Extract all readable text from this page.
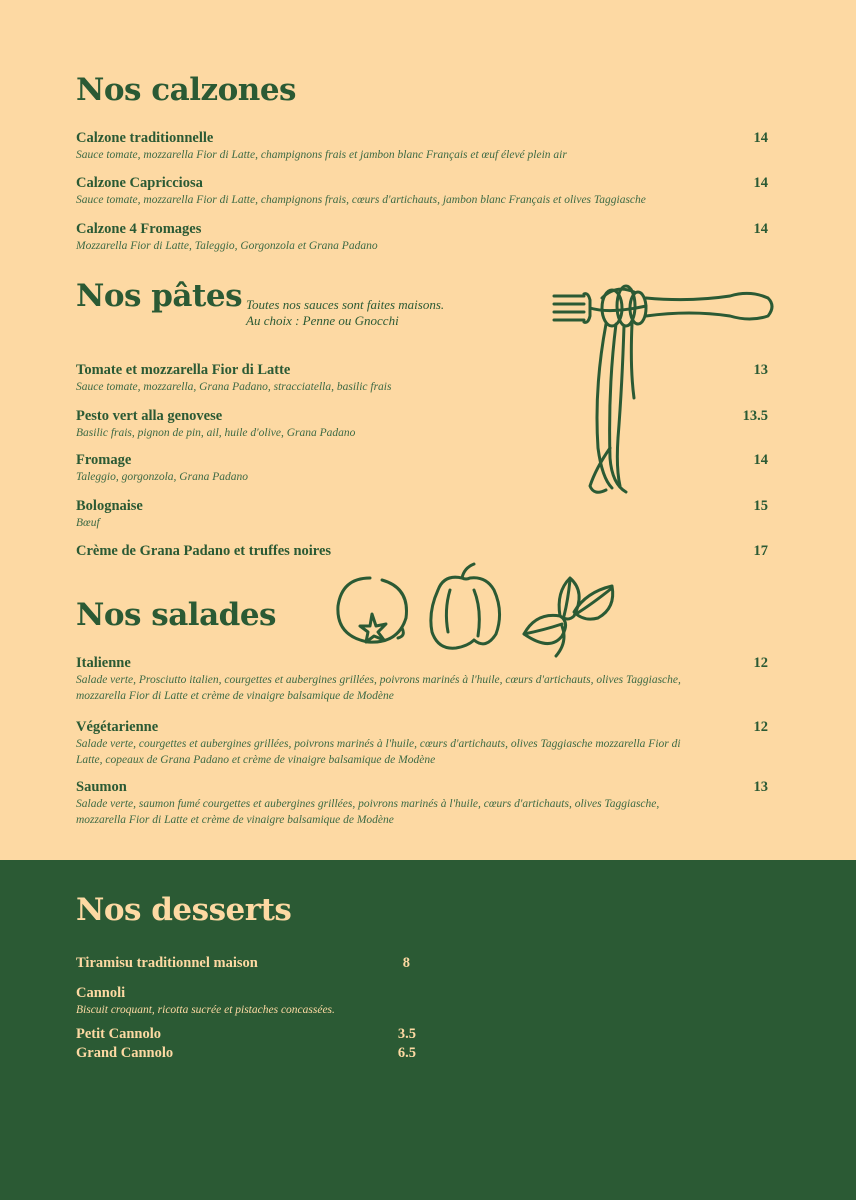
Nos calzones
Calzone traditionnelle
Sauce tomate, mozzarella Fior di Latte, champignons frais et jambon blanc Français et œuf élevé plein air
14
Calzone Capricciosa
Sauce tomate, mozzarella Fior di Latte, champignons frais, cœurs d'artichauts, jambon blanc Français et olives Taggiasche
14
Calzone 4 Fromages
Mozzarella Fior di Latte, Taleggio, Gorgonzola et Grana Padano
14
Nos pâtes Toutes nos sauces sont faites maisons.
Au choix : Penne ou Gnocchi
Tomate et mozzarella Fior di Latte
Sauce tomate, mozzarella, Grana Padano, stracciatella, basilic frais
13
Pesto vert alla genovese
Basilic frais, pignon de pin, ail, huile d'olive, Grana Padano
13.5
Fromage
Taleggio, gorgonzola, Grana Padano
14
Bolognaise
Bœuf
15
Crème de Grana Padano et truffes noires	17
Nos salades
Italienne
Salade verte, Prosciutto italien, courgettes et aubergines grillées, poivrons marinés à l'huile, cœurs d'artichauts, olives Taggiasche, mozzarella Fior di Latte et crème de vinaigre balsamique de Modène
12
Végétarienne
Salade verte, courgettes et aubergines grillées, poivrons marinés à l'huile, cœurs d'artichauts, olives Taggiasche mozzarella Fior di Latte, copeaux de Grana Padano et crème de vinaigre balsamique de Modène
12
Saumon
Salade verte, saumon fumé courgettes et aubergines grillées, poivrons marinés à l'huile, cœurs d'artichauts, olives Taggiasche, mozzarella Fior di Latte et crème de vinaigre balsamique de Modène
13
Nos desserts
Tiramisu traditionnel maison	8
Cannoli
Biscuit croquant, ricotta sucrée et pistaches concassées.
Petit Cannolo	3.5
Grand Cannolo	6.5
